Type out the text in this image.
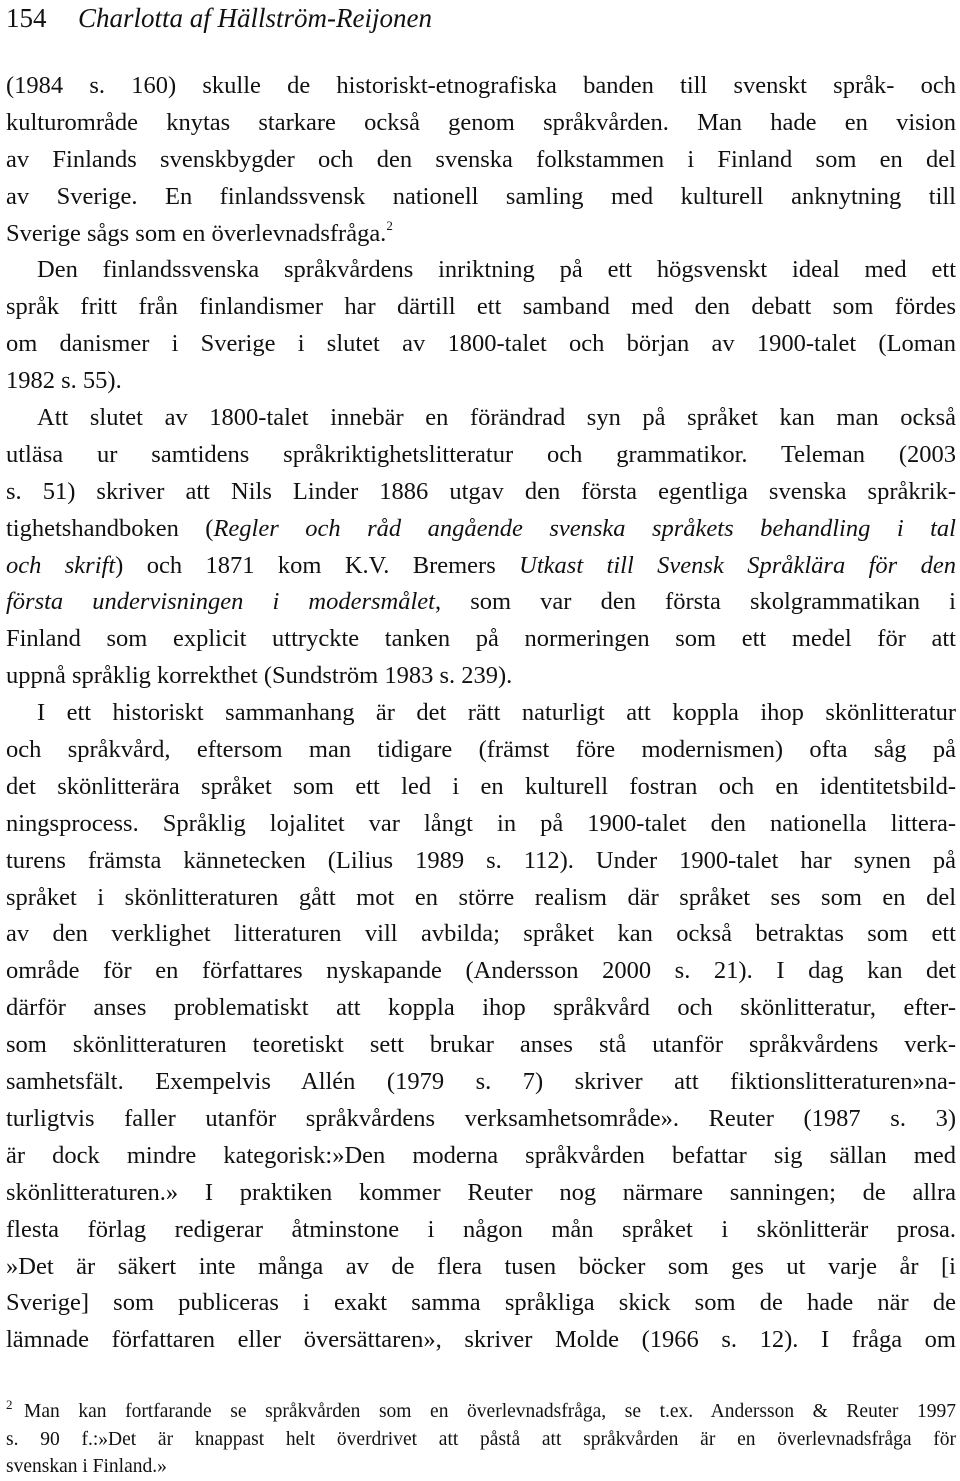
154 Charlotta af Hällström-Reijonen
(1984 s. 160) skulle de historiskt-etnografiska banden till svenskt språk- och
kulturområde knytas starkare också genom språkvården. Man hade en vision
av Finlands svenskbygder och den svenska folkstammen i Finland som en del
av Sverige. En finlandssvensk nationell samling med kulturell anknytning till
Sverige sågs som en överlevnadsfråga.$^2$
Den finlandssvenska språkvårdens inriktning på ett högsvenskt ideal med ett
språk fritt från finlandismer har därtill ett samband med den debatt som fördes
om danismer i Sverige i slutet av 1800-talet och början av 1900-talet (Loman
1982 s. 55).
Att slutet av 1800-talet innebär en förändrad syn på språket kan man också
utläsa ur samtidens språkriktighetslitteratur och grammatikor. Teleman (2003
s. 51) skriver att Nils Linder 1886 utgav den första egentliga svenska språkrik-
tighetshandboken (Regler och råd angående svenska språkets behandling i tal
och skrift) och 1871 kom K.V. Bremers Utkast till Svensk Språklära för den
första undervisningen i modersmålet, som var den första skolgrammatikan i
Finland som explicit uttryckte tanken på normeringen som ett medel för att
uppnå språklig korrekthet (Sundström 1983 s. 239).
I ett historiskt sammanhang är det rätt naturligt att koppla ihop skönlitteratur
och språkvård, eftersom man tidigare (främst före modernismen) ofta såg på
det skönlitterära språket som ett led i en kulturell fostran och en identitetsbild-
ningsprocess. Språklig lojalitet var långt in på 1900-talet den nationella littera-
turens främsta kännetecken (Lilius 1989 s. 112). Under 1900-talet har synen på
språket i skönlitteraturen gått mot en större realism där språket ses som en del
av den verklighet litteraturen vill avbilda; språket kan också betraktas som ett
område för en författares nyskapande (Andersson 2000 s. 21). I dag kan det
därför anses problematiskt att koppla ihop språkvård och skönlitteratur, efter-
som skönlitteraturen teoretiskt sett brukar anses stå utanför språkvårdens verk-
samhetsfält. Exempelvis Allén (1979 s. 7) skriver att fiktionslitteraturen»na-
turligtvis faller utanför språkvårdens verksamhetsområde». Reuter (1987 s. 3)
är dock mindre kategorisk:»Den moderna språkvården befattar sig sällan med
skönlitteraturen.» I praktiken kommer Reuter nog närmare sanningen; de allra
flesta förlag redigerar åtminstone i någon mån språket i skönlitterär prosa.
»Det är säkert inte många av de flera tusen böcker som ges ut varje år [i
Sverige] som publiceras i exakt samma språkliga skick som de hade när de
lämnade författaren eller översättaren», skriver Molde (1966 s. 12). I fråga om
2 Man kan fortfarande se språkvården som en överlevnadsfråga, se t.ex. Andersson & Reuter 1997
s. 90 f.:»Det är knappast helt överdrivet att påstå att språkvården är en överlevnadsfråga för
svenskan i Finland.»
